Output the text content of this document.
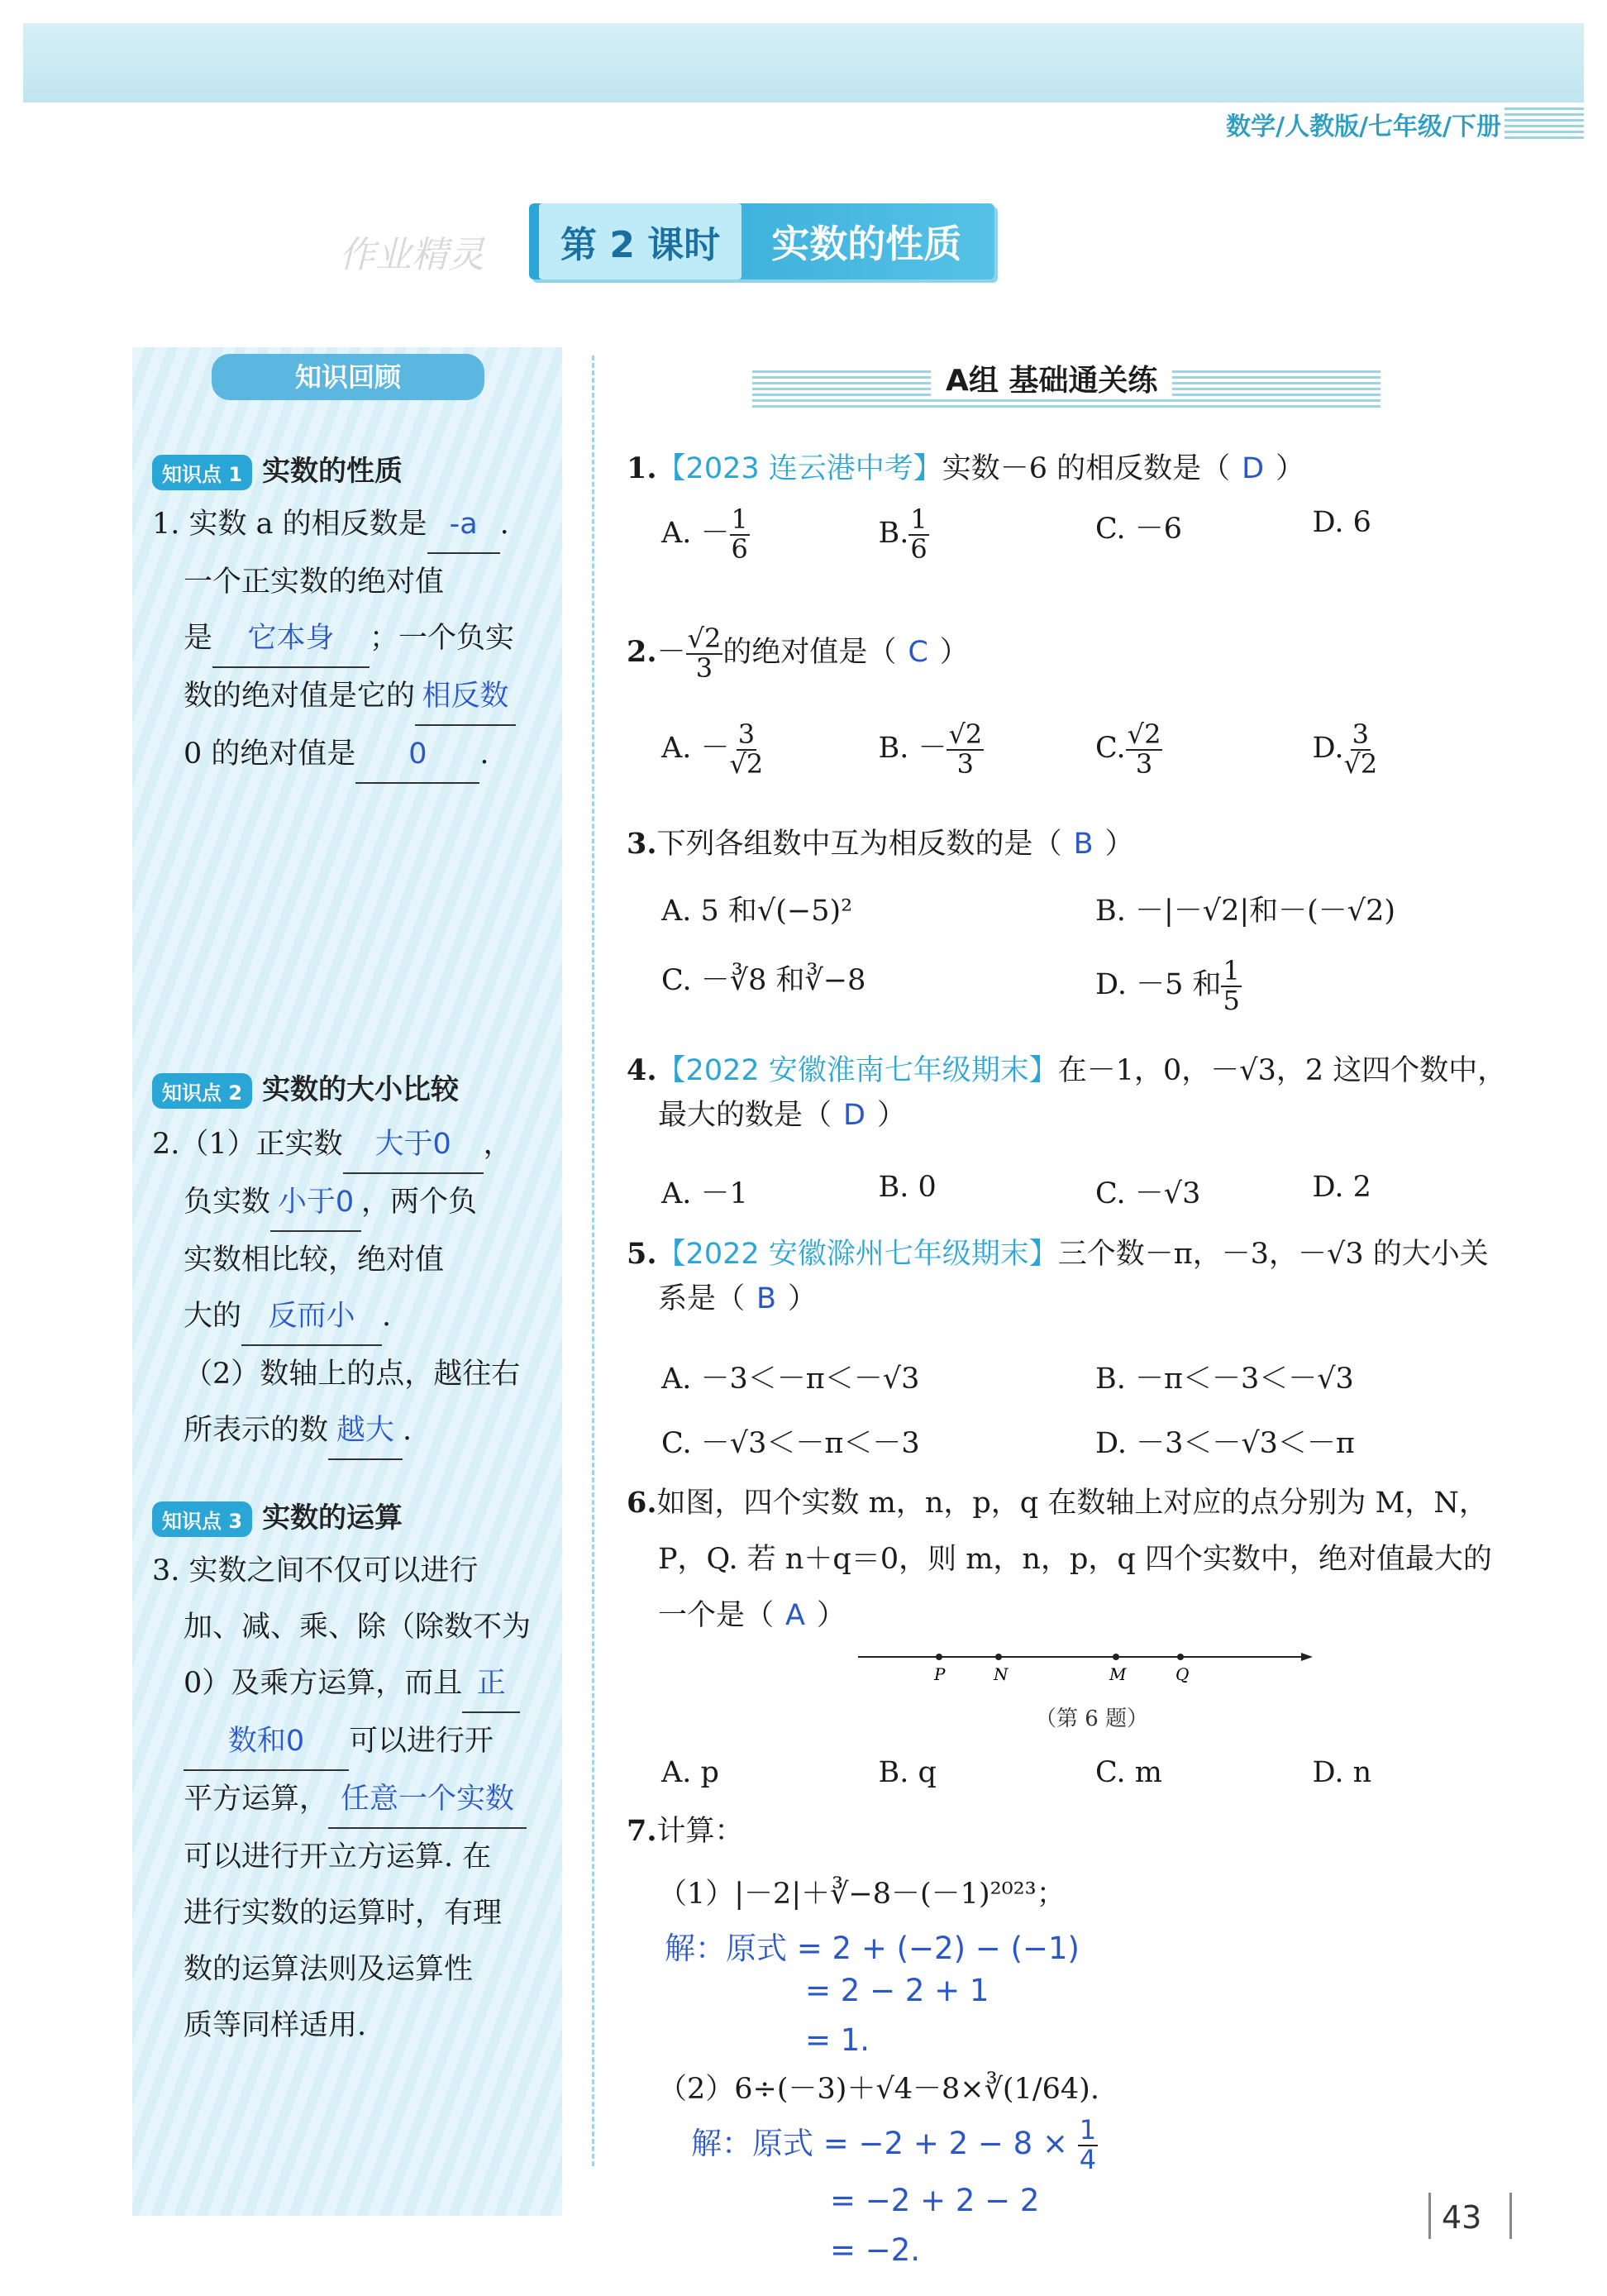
数学/人教版/七年级/下册
作业精灵	第 2 课时	实数的性质
知识回顾
知识点 1 实数的性质
1. 实数 a 的相反数是 -a .
一个正实数的绝对值
是 它本身 ；一个负实
数的绝对值是它的 相反数
0 的绝对值是 0 .
知识点 2 实数的大小比较
2.（1）正实数 大于0 ，
负实数 小于0 ，两个负
实数相比较，绝对值
大的 反而小 .
（2）数轴上的点，越往右
所表示的数 越大 .
知识点 3 实数的运算
3. 实数之间不仅可以进行
加、减、乘、除（除数不为
0）及乘方运算，而且 正
数和0 可以进行开
平方运算， 任意一个实数
可以进行开立方运算. 在
进行实数的运算时，有理
数的运算法则及运算性
质等同样适用.
A组 基础通关练
1.【2023 连云港中考】实数－6 的相反数是（ D ）
A. － $\frac{1}{6}$	B. $\frac{1}{6}$	C. －6	D. 6
$2.- \frac{√2}{3}$ 的绝对值是（ C ）
A. － $\frac{3}{√2}$	B. － $\frac{√2}{3}$	C. $\frac{√2}{3}$	D. $\frac{3}{√2}$
3.下列各组数中互为相反数的是（ B ）
A. 5 和√(−5)²	B. －|－√2|和－(－√2)
C. －∛8 和∛−8	D. －5 和 $\frac{1}{5}$
4.【2022 安徽淮南七年级期末】在－1，0，－√3，2 这四个数中，
最大的数是（ D ）
A. －1	B. 0	C. －√3	D. 2
5.【2022 安徽滁州七年级期末】三个数－π，－3，－√3 的大小关
系是（ B ）
A. －3＜－π＜－√3	B. －π＜－3＜－√3
C. －√3＜－π＜－3	D. －3＜－√3＜－π
6.如图，四个实数 m，n，p，q 在数轴上对应的点分别为 M，N，
P，Q. 若 n＋q＝0，则 m，n，p，q 四个实数中，绝对值最大的
一个是（ A ）
P	N	M	Q
（第 6 题）
A. p	B. q	C. m	D. n
7.计算：
（1）|－2|＋∛−8－(－1)²⁰²³；
解：原式 = 2 + (−2) − (−1)
= 2 − 2 + 1
= 1.
（2）6÷(－3)＋√4－8×∛(1/64).
解：原式 = $-2 + 2 - 8 \times \frac{1}{4}$
= −2 + 2 − 2
= −2.
43
